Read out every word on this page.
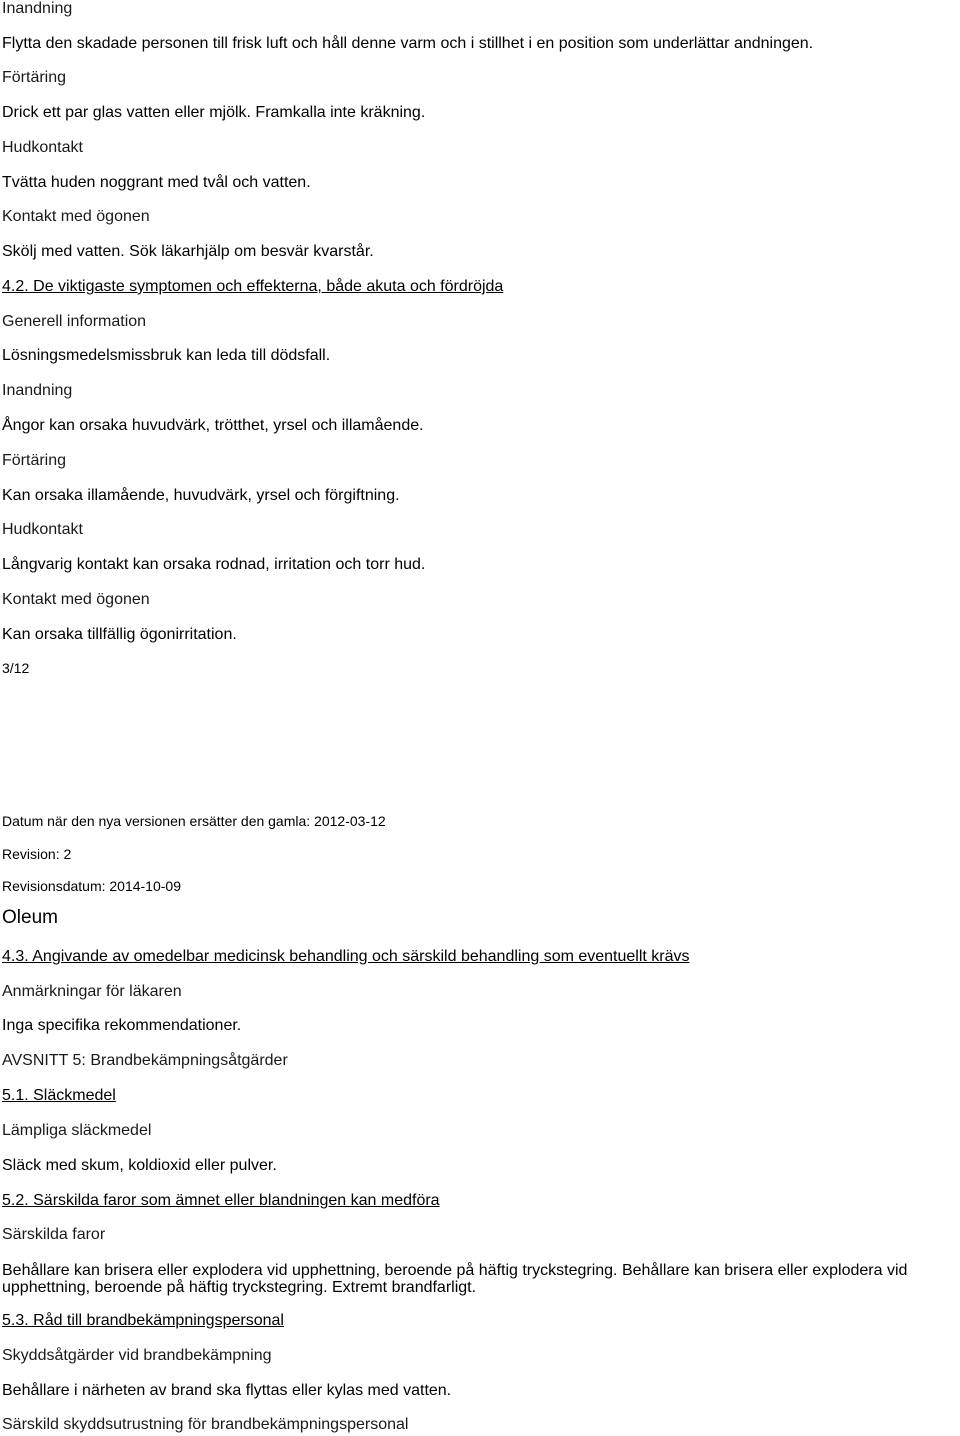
Inandning
Flytta den skadade personen till frisk luft och håll denne varm och i stillhet i en position som underlättar andningen.
Förtäring
Drick ett par glas vatten eller mjölk. Framkalla inte kräkning.
Hudkontakt
Tvätta huden noggrant med tvål och vatten.
Kontakt med ögonen
Skölj med vatten. Sök läkarhjälp om besvär kvarstår.
4.2. De viktigaste symptomen och effekterna, både akuta och fördröjda
Generell information
Lösningsmedelsmissbruk kan leda till dödsfall.
Inandning
Ångor kan orsaka huvudvärk, trötthet, yrsel och illamående.
Förtäring
Kan orsaka illamående, huvudvärk, yrsel och förgiftning.
Hudkontakt
Långvarig kontakt kan orsaka rodnad, irritation och torr hud.
Kontakt med ögonen
Kan orsaka tillfällig ögonirritation.
3/12
Datum när den nya versionen ersätter den gamla: 2012-03-12
Revision: 2
Revisionsdatum: 2014-10-09
Oleum
4.3. Angivande av omedelbar medicinsk behandling och särskild behandling som eventuellt krävs
Anmärkningar för läkaren
Inga specifika rekommendationer.
AVSNITT 5: Brandbekämpningsåtgärder
5.1. Släckmedel
Lämpliga släckmedel
Släck med skum, koldioxid eller pulver.
5.2. Särskilda faror som ämnet eller blandningen kan medföra
Särskilda faror
Behållare kan brisera eller explodera vid upphettning, beroende på häftig tryckstegring. Behållare kan brisera eller explodera vid upphettning, beroende på häftig tryckstegring. Extremt brandfarligt.
5.3. Råd till brandbekämpningspersonal
Skyddsåtgärder vid brandbekämpning
Behållare i närheten av brand ska flyttas eller kylas med vatten.
Särskild skyddsutrustning för brandbekämpningspersonal
